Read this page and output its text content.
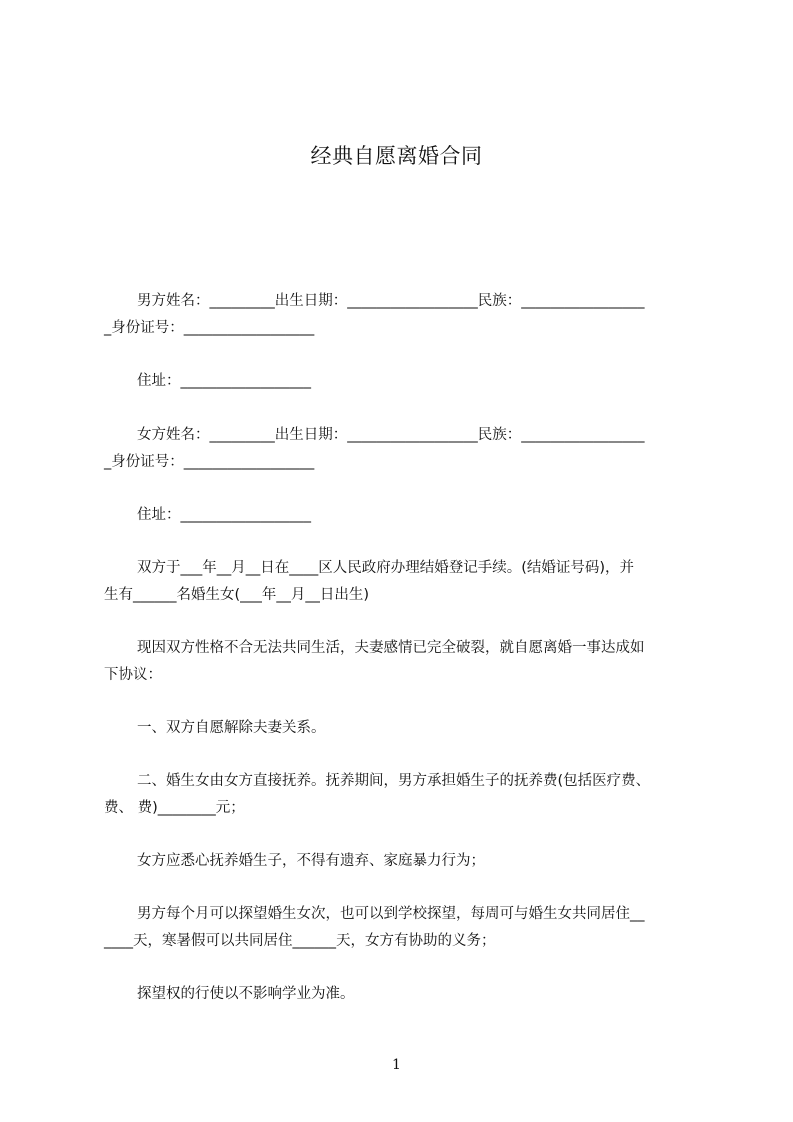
经典自愿离婚合同
男方姓名：_________出生日期：__________________民族：_________________
_身份证号：__________________
住址：__________________
女方姓名：_________出生日期：__________________民族：_________________
_身份证号：__________________
住址：__________________
双方于___年__月__日在____区人民政府办理结婚登记手续。(结婚证号码)，并
生有______名婚生女(___年__月__日出生)
现因双方性格不合无法共同生活，夫妻感情已完全破裂，就自愿离婚一事达成如
下协议：
一、双方自愿解除夫妻关系。
二、婚生女由女方直接抚养。抚养期间，男方承担婚生子的抚养费(包括医疗费、
费、 费)________元；
女方应悉心抚养婚生子，不得有遗弃、家庭暴力行为；
男方每个月可以探望婚生女次，也可以到学校探望，每周可与婚生女共同居住__
____天，寒暑假可以共同居住______天，女方有协助的义务；
探望权的行使以不影响学业为准。
1
